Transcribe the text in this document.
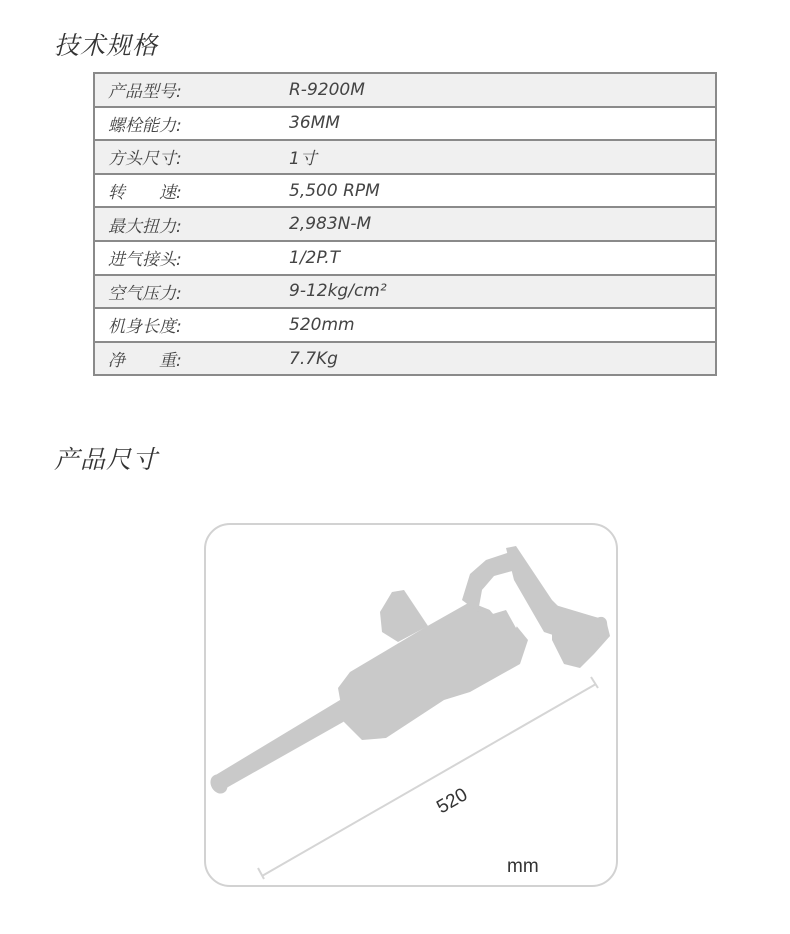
技术规格
产品型号:	R-9200M
螺栓能力:	36MM
方头尺寸:	1寸
转　　速:	5,500 RPM
最大扭力:	2,983N-M
进气接头:	1/2P.T
空气压力:	9-12kg/cm²
机身长度:	520mm
净　　重:	7.7Kg
产品尺寸
520
mm
